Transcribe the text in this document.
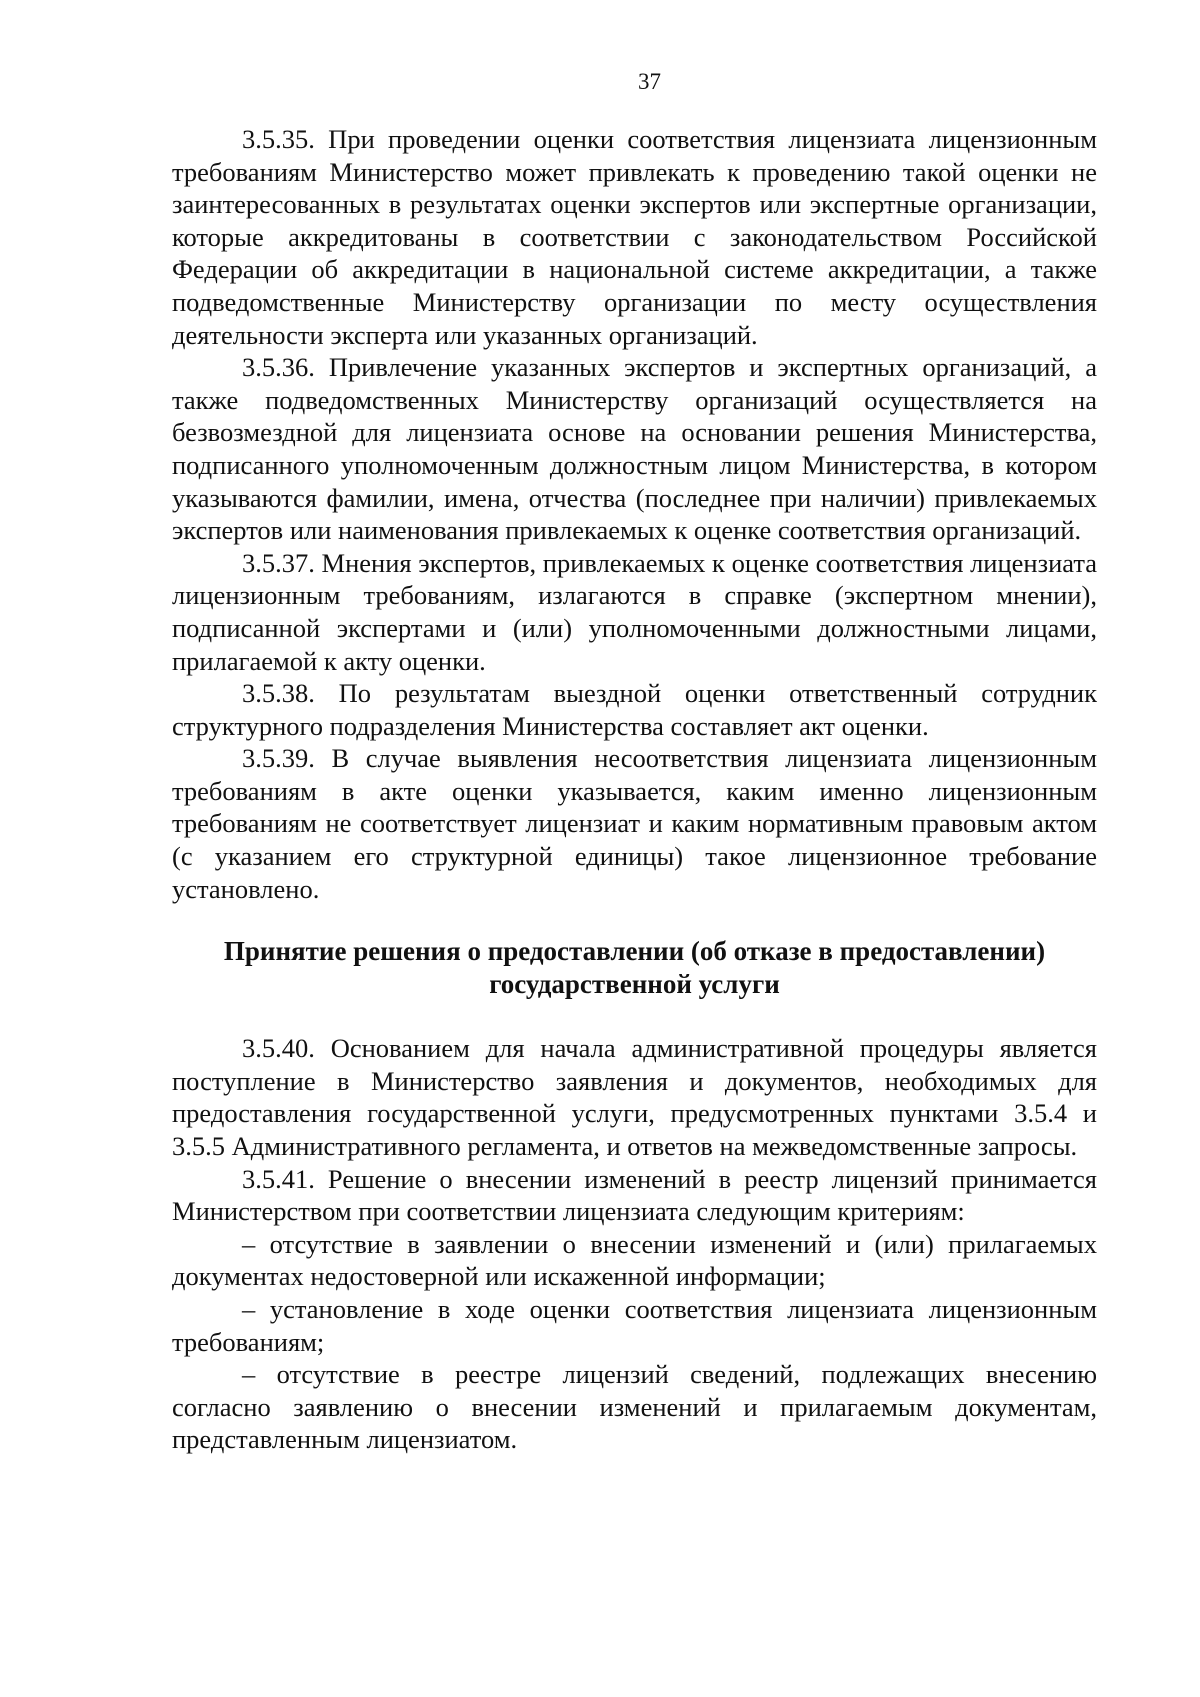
37

3.5.35. При проведении оценки соответствия лицензиата лицензионным требованиям Министерство может привлекать к проведению такой оценки не заинтересованных в результатах оценки экспертов или экспертные организации, которые аккредитованы в соответствии с законодательством Российской Федерации об аккредитации в национальной системе аккредитации, а также подведомственные Министерству организации по месту осуществления деятельности эксперта или указанных организаций.

3.5.36. Привлечение указанных экспертов и экспертных организаций, а также подведомственных Министерству организаций осуществляется на безвозмездной для лицензиата основе на основании решения Министерства, подписанного уполномоченным должностным лицом Министерства, в котором указываются фамилии, имена, отчества (последнее при наличии) привлекаемых экспертов или наименования привлекаемых к оценке соответствия организаций.

3.5.37. Мнения экспертов, привлекаемых к оценке соответствия лицензиата лицензионным требованиям, излагаются в справке (экспертном мнении), подписанной экспертами и (или) уполномоченными должностными лицами, прилагаемой к акту оценки.

3.5.38. По результатам выездной оценки ответственный сотрудник структурного подразделения Министерства составляет акт оценки.

3.5.39. В случае выявления несоответствия лицензиата лицензионным требованиям в акте оценки указывается, каким именно лицензионным требованиям не соответствует лицензиат и каким нормативным правовым актом (с указанием его структурной единицы) такое лицензионное требование установлено.

Принятие решения о предоставлении (об отказе в предоставлении)
государственной услуги

3.5.40. Основанием для начала административной процедуры является поступление в Министерство заявления и документов, необходимых для предоставления государственной услуги, предусмотренных пунктами 3.5.4 и 3.5.5 Административного регламента, и ответов на межведомственные запросы.

3.5.41. Решение о внесении изменений в реестр лицензий принимается Министерством при соответствии лицензиата следующим критериям:

– отсутствие в заявлении о внесении изменений и (или) прилагаемых документах недостоверной или искаженной информации;

– установление в ходе оценки соответствия лицензиата лицензионным требованиям;

– отсутствие в реестре лицензий сведений, подлежащих внесению согласно заявлению о внесении изменений и прилагаемым документам, представленным лицензиатом.
